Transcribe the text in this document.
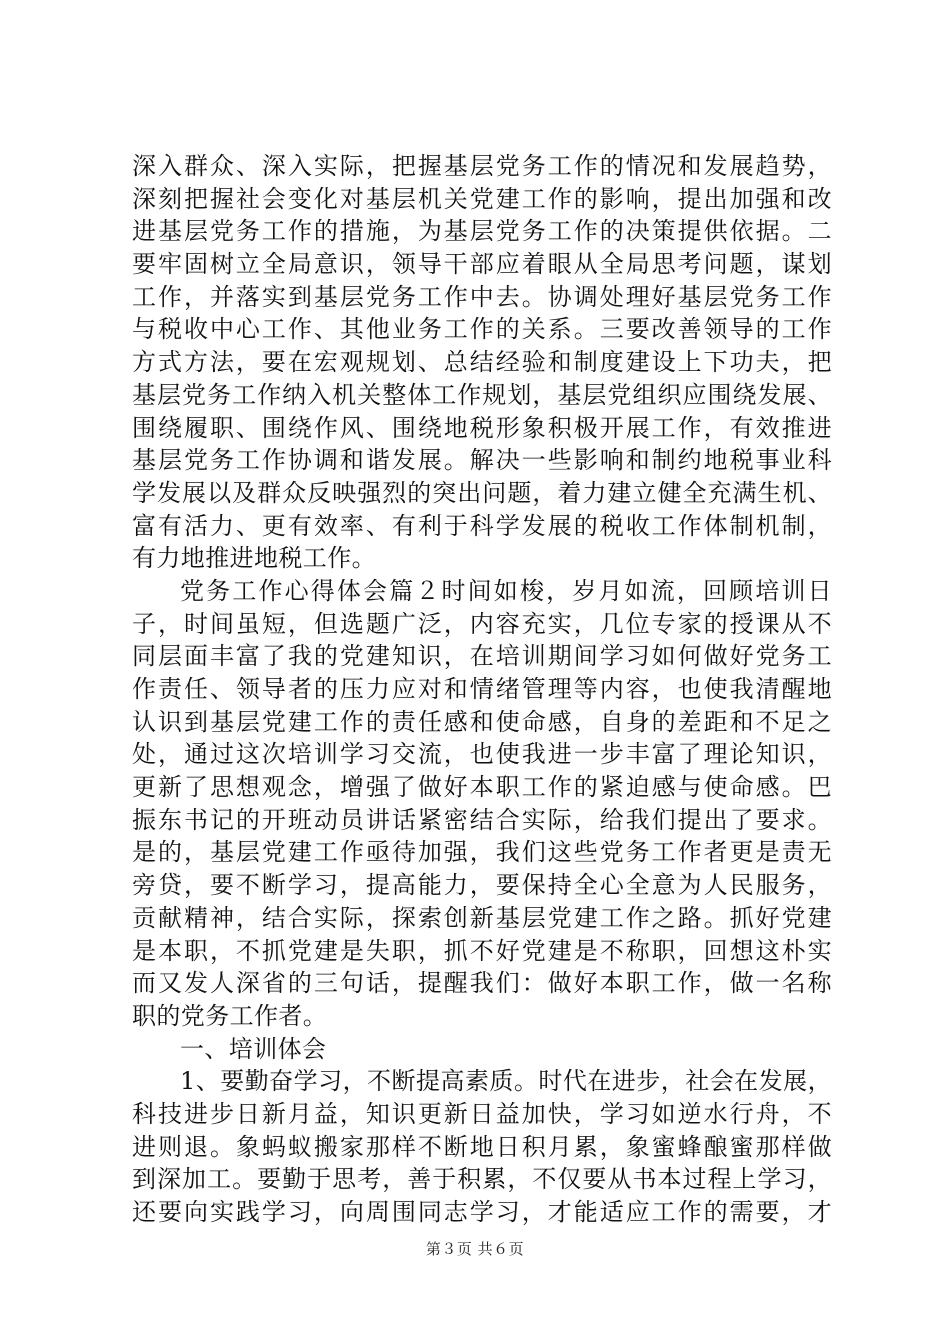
深入群众、深入实际，把握基层党务工作的情况和发展趋势，
深刻把握社会变化对基层机关党建工作的影响，提出加强和改
进基层党务工作的措施，为基层党务工作的决策提供依据。二
要牢固树立全局意识，领导干部应着眼从全局思考问题，谋划
工作，并落实到基层党务工作中去。协调处理好基层党务工作
与税收中心工作、其他业务工作的关系。三要改善领导的工作
方式方法，要在宏观规划、总结经验和制度建设上下功夫，把
基层党务工作纳入机关整体工作规划，基层党组织应围绕发展、
围绕履职、围绕作风、围绕地税形象积极开展工作，有效推进
基层党务工作协调和谐发展。解决一些影响和制约地税事业科
学发展以及群众反映强烈的突出问题，着力建立健全充满生机、
富有活力、更有效率、有利于科学发展的税收工作体制机制，
有力地推进地税工作。
党务工作心得体会篇２时间如梭，岁月如流，回顾培训日
子，时间虽短，但选题广泛，内容充实，几位专家的授课从不
同层面丰富了我的党建知识，在培训期间学习如何做好党务工
作责任、领导者的压力应对和情绪管理等内容，也使我清醒地
认识到基层党建工作的责任感和使命感，自身的差距和不足之
处，通过这次培训学习交流，也使我进一步丰富了理论知识，
更新了思想观念，增强了做好本职工作的紧迫感与使命感。巴
振东书记的开班动员讲话紧密结合实际，给我们提出了要求。
是的，基层党建工作亟待加强，我们这些党务工作者更是责无
旁贷，要不断学习，提高能力，要保持全心全意为人民服务，
贡献精神，结合实际，探索创新基层党建工作之路。抓好党建
是本职，不抓党建是失职，抓不好党建是不称职，回想这朴实
而又发人深省的三句话，提醒我们：做好本职工作，做一名称
职的党务工作者。
一、培训体会
1、要勤奋学习，不断提高素质。时代在进步，社会在发展，
科技进步日新月益，知识更新日益加快，学习如逆水行舟，不
进则退。象蚂蚁搬家那样不断地日积月累，象蜜蜂酿蜜那样做
到深加工。要勤于思考，善于积累，不仅要从书本过程上学习，
还要向实践学习，向周围同志学习，才能适应工作的需要，才
第３页 共６页
